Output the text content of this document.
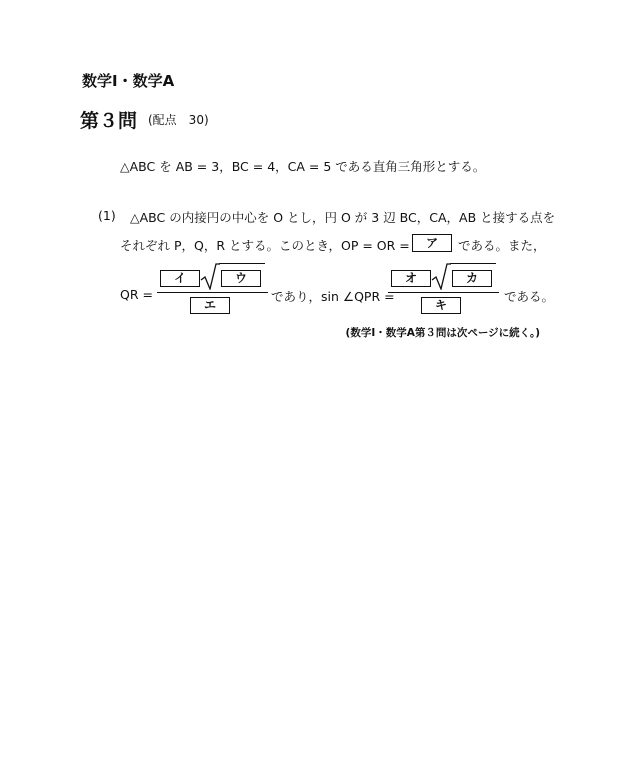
数学Ⅰ・数学A
第３問 (配点　30)
△ABC を AB = 3，BC = 4，CA = 5 である直角三角形とする。
(1) △ABC の内接円の中心を O とし，円 O が 3 辺 BC，CA，AB と接する点を
それぞれ P，Q，R とする。このとき，OP = OR =	ア	である。また，
QR =
イ	ウ
エ
であり，sin ∠QPR =
オ	カ
キ
である。
(数学Ⅰ・数学A第３問は次ページに続く。)
